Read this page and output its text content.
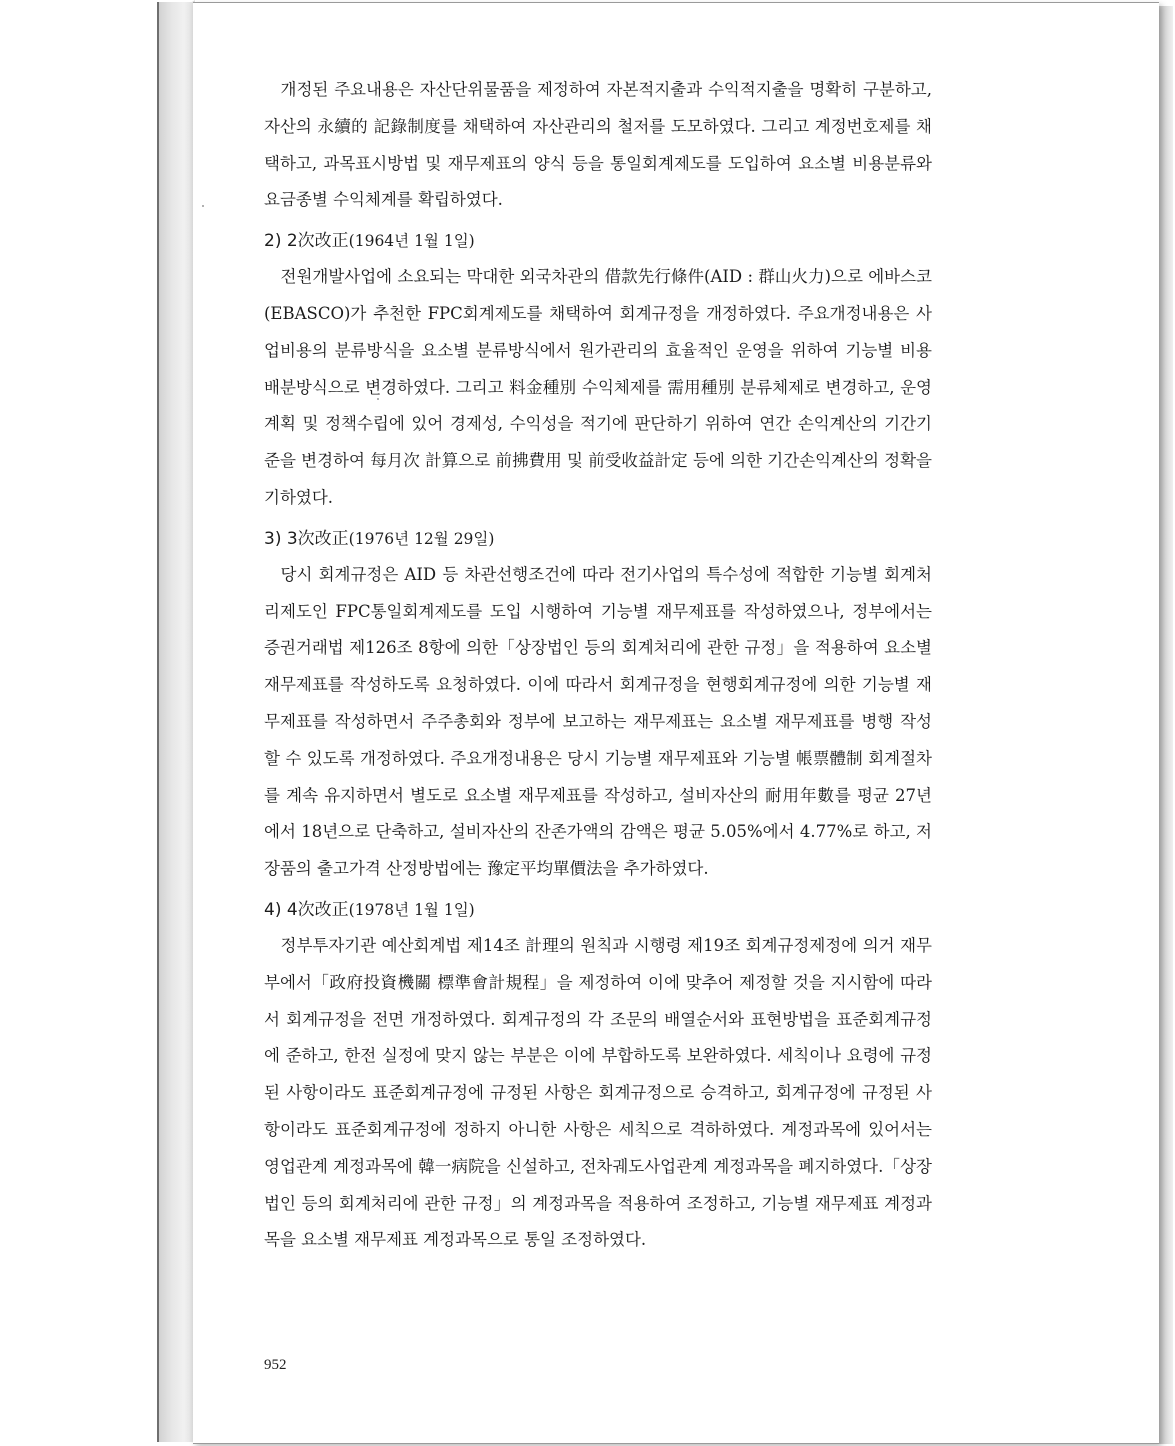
개정된 주요내용은 자산단위물품을 제정하여 자본적지출과 수익적지출을 명확히 구분하고, 자산의 永續的 記錄制度를 채택하여 자산관리의 철저를 도모하였다. 그리고 계정번호제를 채택하고, 과목표시방법 및 재무제표의 양식 등을 통일회계제도를 도입하여 요소별 비용분류와 요금종별 수익체계를 확립하였다.

2) 2次改正(1964년 1월 1일)

전원개발사업에 소요되는 막대한 외국차관의 借款先行條件(AID : 群山火力)으로 에바스코(EBASCO)가 추천한 FPC회계제도를 채택하여 회계규정을 개정하였다. 주요개정내용은 사업비용의 분류방식을 요소별 분류방식에서 원가관리의 효율적인 운영을 위하여 기능별 비용배분방식으로 변경하였다. 그리고 料金種別 수익체제를 需用種別 분류체제로 변경하고, 운영계획 및 정책수립에 있어 경제성, 수익성을 적기에 판단하기 위하여 연간 손익계산의 기간기준을 변경하여 每月次 計算으로 前拂費用 및 前受收益計定 등에 의한 기간손익계산의 정확을 기하였다.

3) 3次改正(1976년 12월 29일)

당시 회계규정은 AID 등 차관선행조건에 따라 전기사업의 특수성에 적합한 기능별 회계처리제도인 FPC통일회계제도를 도입 시행하여 기능별 재무제표를 작성하였으나, 정부에서는 증권거래법 제126조 8항에 의한「상장법인 등의 회계처리에 관한 규정」을 적용하여 요소별 재무제표를 작성하도록 요청하였다. 이에 따라서 회계규정을 현행회계규정에 의한 기능별 재무제표를 작성하면서 주주총회와 정부에 보고하는 재무제표는 요소별 재무제표를 병행 작성할 수 있도록 개정하였다. 주요개정내용은 당시 기능별 재무제표와 기능별 帳票體制 회계절차를 계속 유지하면서 별도로 요소별 재무제표를 작성하고, 설비자산의 耐用年數를 평균 27년에서 18년으로 단축하고, 설비자산의 잔존가액의 감액은 평균 5.05%에서 4.77%로 하고, 저장품의 출고가격 산정방법에는 豫定平均單價法을 추가하였다.

4) 4次改正(1978년 1월 1일)

정부투자기관 예산회계법 제14조 計理의 원칙과 시행령 제19조 회계규정제정에 의거 재무부에서「政府投資機關 標準會計規程」을 제정하여 이에 맞추어 제정할 것을 지시함에 따라서 회계규정을 전면 개정하였다. 회계규정의 각 조문의 배열순서와 표현방법을 표준회계규정에 준하고, 한전 실정에 맞지 않는 부분은 이에 부합하도록 보완하였다. 세칙이나 요령에 규정된 사항이라도 표준회계규정에 규정된 사항은 회계규정으로 승격하고, 회계규정에 규정된 사항이라도 표준회계규정에 정하지 아니한 사항은 세칙으로 격하하였다. 계정과목에 있어서는 영업관계 계정과목에 韓一病院을 신설하고, 전차궤도사업관계 계정과목을 폐지하였다.「상장법인 등의 회계처리에 관한 규정」의 계정과목을 적용하여 조정하고, 기능별 재무제표 계정과목을 요소별 재무제표 계정과목으로 통일 조정하였다.

952
